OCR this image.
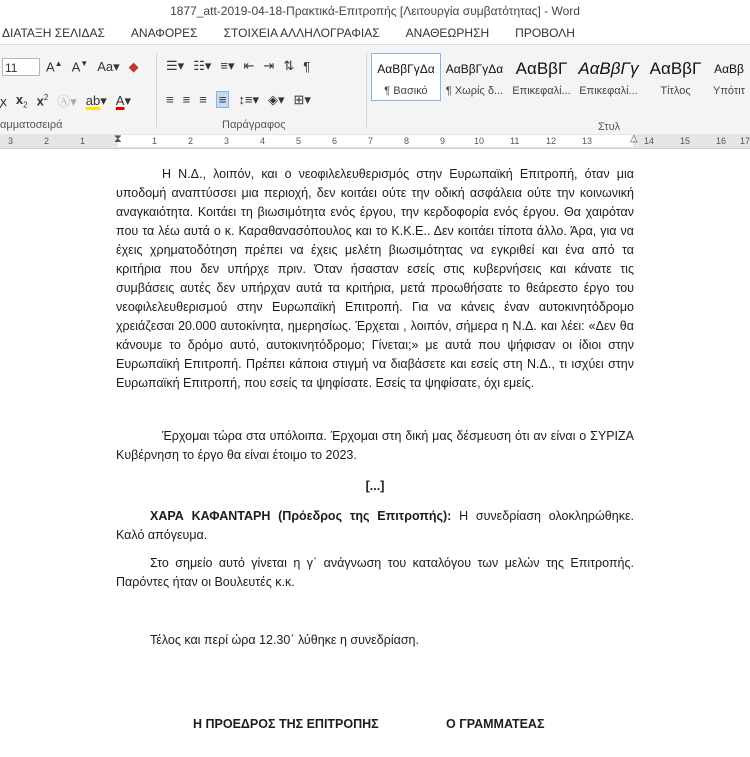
1877_att-2019-04-18-Πρακτικά-Επιτροπής [Λειτουργία συμβατότητας] - Word
ΔΙΑΤΑΞΗ ΣΕΛΙΔΑΣ	ΑΝΑΦΟΡΕΣ	ΣΤΟΙΧΕΙΑ ΑΛΛΗΛΟΓΡΑΦΙΑΣ	ΑΝΑΘΕΩΡΗΣΗ	ΠΡΟΒΟΛΗ
11	A▲ A▼ Aa▾ ◆
ꭗ $x_2$ $x^2$ Ⓐ▾ ab▾ A▾
αμματοσειρά
☰▾ ☷▾ ≡▾ ⇤ ⇥ ⇅ ¶
≡ ≡ ≡ ≡ ↕≡▾ ◈▾ ⊞▾
Παράγραφος
ΑαΒβΓγΔα
¶ Βασικό
ΑαΒβΓγΔα
¶ Χωρίς δ...
ΑαΒβΓ
Επικεφαλί...
ΑαΒβΓγ
Επικεφαλί...
ΑαΒβΓ
Τίτλος
ΑαΒβ
Υπότιτ
Στυλ
3	2	1	⧗	1	2	3	4	5	6	7	8	9	10	11	12	13	△ 14	15	16 17

Η Ν.Δ., λοιπόν, και ο νεοφιλελευθερισμός στην Ευρωπαϊκή Επιτροπή, όταν μια υποδομή αναπτύσσει μια περιοχή, δεν κοιτάει ούτε την οδική ασφάλεια ούτε την κοινωνική αναγκαιότητα. Κοιτάει τη βιωσιμότητα ενός έργου, την κερδοφορία ενός έργου. Θα χαιρόταν που τα λέω αυτά ο κ. Καραθανασόπουλος και το Κ.Κ.Ε.. Δεν κοιτάει τίποτα άλλο. Άρα, για να έχεις χρηματοδότηση πρέπει να έχεις μελέτη βιωσιμότητας να εγκριθεί και ένα από τα κριτήρια που δεν υπήρχε πριν. Όταν ήσασταν εσείς στις κυβερνήσεις και κάνατε τις συμβάσεις αυτές δεν υπήρχαν αυτά τα κριτήρια, μετά προωθήσατε το θεάρεστο έργο του νεοφιλελευθερισμού στην Ευρωπαϊκή Επιτροπή. Για να κάνεις έναν αυτοκινητόδρομο χρειάζεσαι 20.000 αυτοκίνητα, ημερησίως. Έρχεται , λοιπόν, σήμερα η Ν.Δ. και λέει: «Δεν θα κάνουμε το δρόμο αυτό, αυτοκινητόδρομο; Γίνεται;» με αυτά που ψήφισαν οι ίδιοι στην Ευρωπαϊκή Επιτροπή. Πρέπει κάποια στιγμή να διαβάσετε και εσείς στη Ν.Δ., τι ισχύει στην Ευρωπαϊκή Επιτροπή, που εσείς τα ψηφίσατε. Εσείς τα ψηφίσατε, όχι εμείς.

Έρχομαι τώρα στα υπόλοιπα. Έρχομαι στη δική μας δέσμευση ότι αν είναι ο ΣΥΡΙΖΑ Κυβέρνηση το έργο θα είναι έτοιμο το 2023.

[...]

ΧΑΡΑ ΚΑΦΑΝΤΑΡΗ (Πρόεδρος της Επιτροπής): Η συνεδρίαση ολοκληρώθηκε. Καλό απόγευμα.

Στο σημείο αυτό γίνεται η γ΄ ανάγνωση του καταλόγου των μελών της Επιτροπής. Παρόντες ήταν οι Βουλευτές κ.κ.

Τέλος και περί ώρα 12.30΄ λύθηκε η συνεδρίαση.

Η ΠΡΟΕΔΡΟΣ ΤΗΣ ΕΠΙΤΡΟΠΗΣ	Ο ΓΡΑΜΜΑΤΕΑΣ
